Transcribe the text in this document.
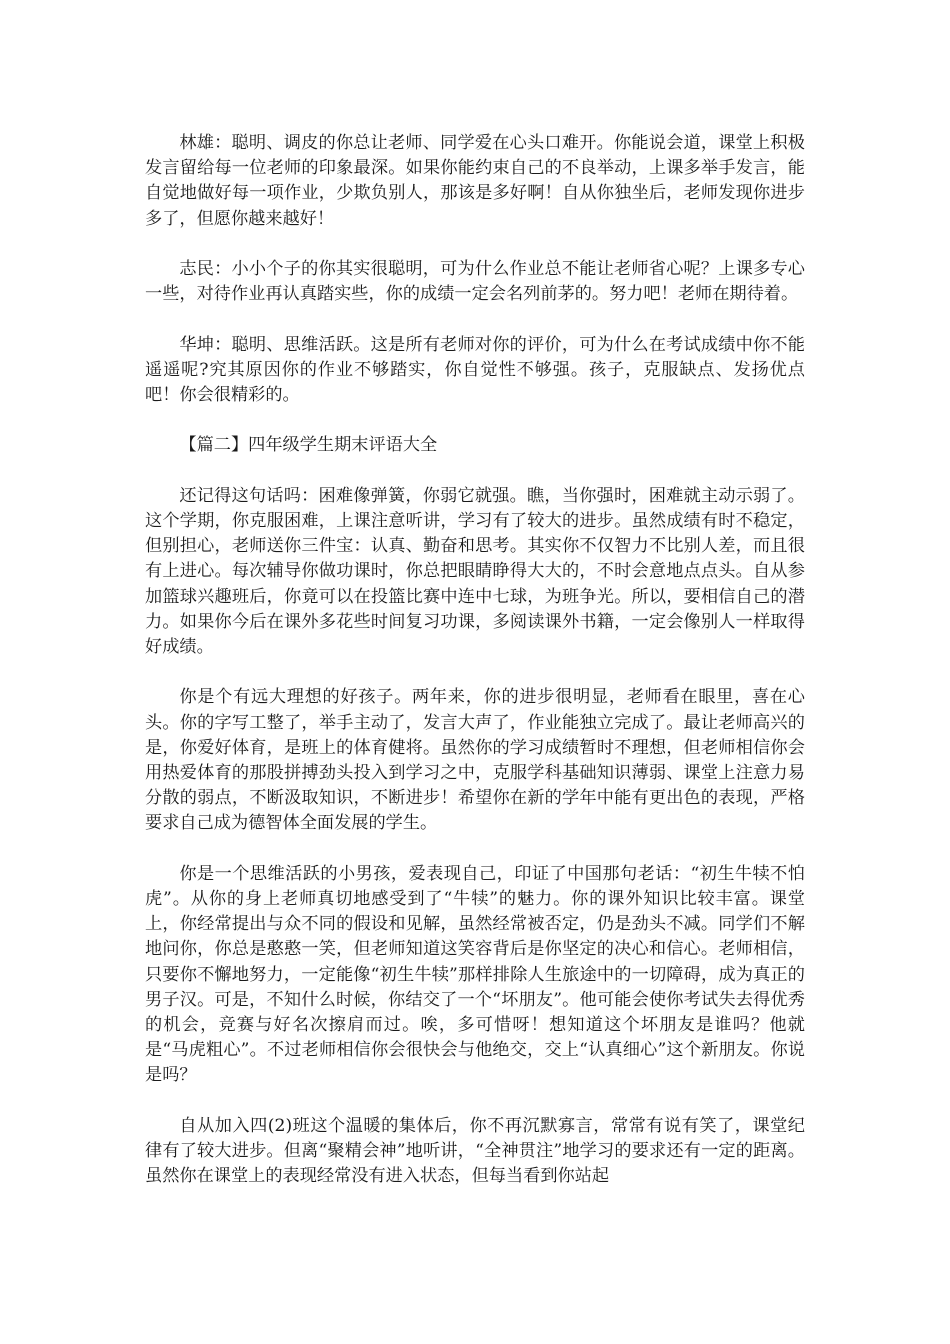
林雄：聪明、调皮的你总让老师、同学爱在心头口难开。你能说会道，课堂上积极发言留给每一位老师的印象最深。如果你能约束自己的不良举动，上课多举手发言，能自觉地做好每一项作业，少欺负别人，那该是多好啊！自从你独坐后，老师发现你进步多了，但愿你越来越好！

志民：小小个子的你其实很聪明，可为什么作业总不能让老师省心呢？上课多专心一些，对待作业再认真踏实些，你的成绩一定会名列前茅的。努力吧！老师在期待着。

华坤：聪明、思维活跃。这是所有老师对你的评价，可为什么在考试成绩中你不能遥遥呢?究其原因你的作业不够踏实，你自觉性不够强。孩子，克服缺点、发扬优点吧！你会很精彩的。

【篇二】四年级学生期末评语大全

还记得这句话吗：困难像弹簧，你弱它就强。瞧，当你强时，困难就主动示弱了。这个学期，你克服困难，上课注意听讲，学习有了较大的进步。虽然成绩有时不稳定，但别担心，老师送你三件宝：认真、勤奋和思考。其实你不仅智力不比别人差，而且很有上进心。每次辅导你做功课时，你总把眼睛睁得大大的，不时会意地点点头。自从参加篮球兴趣班后，你竟可以在投篮比赛中连中七球，为班争光。所以，要相信自己的潜力。如果你今后在课外多花些时间复习功课，多阅读课外书籍，一定会像别人一样取得好成绩。

你是个有远大理想的好孩子。两年来，你的进步很明显，老师看在眼里，喜在心头。你的字写工整了，举手主动了，发言大声了，作业能独立完成了。最让老师高兴的是，你爱好体育，是班上的体育健将。虽然你的学习成绩暂时不理想，但老师相信你会用热爱体育的那股拼搏劲头投入到学习之中，克服学科基础知识薄弱、课堂上注意力易分散的弱点，不断汲取知识，不断进步！希望你在新的学年中能有更出色的表现，严格要求自己成为德智体全面发展的学生。

你是一个思维活跃的小男孩，爱表现自己，印证了中国那句老话：“初生牛犊不怕虎”。从你的身上老师真切地感受到了“牛犊”的魅力。你的课外知识比较丰富。课堂上，你经常提出与众不同的假设和见解，虽然经常被否定，仍是劲头不减。同学们不解地问你，你总是憨憨一笑，但老师知道这笑容背后是你坚定的决心和信心。老师相信，只要你不懈地努力，一定能像“初生牛犊”那样排除人生旅途中的一切障碍，成为真正的男子汉。可是，不知什么时候，你结交了一个“坏朋友”。他可能会使你考试失去得优秀的机会，竞赛与好名次擦肩而过。唉，多可惜呀！想知道这个坏朋友是谁吗？他就是“马虎粗心”。不过老师相信你会很快会与他绝交，交上“认真细心”这个新朋友。你说是吗？

自从加入四(2)班这个温暖的集体后，你不再沉默寡言，常常有说有笑了，课堂纪律有了较大进步。但离“聚精会神”地听讲，“全神贯注”地学习的要求还有一定的距离。虽然你在课堂上的表现经常没有进入状态，但每当看到你站起
